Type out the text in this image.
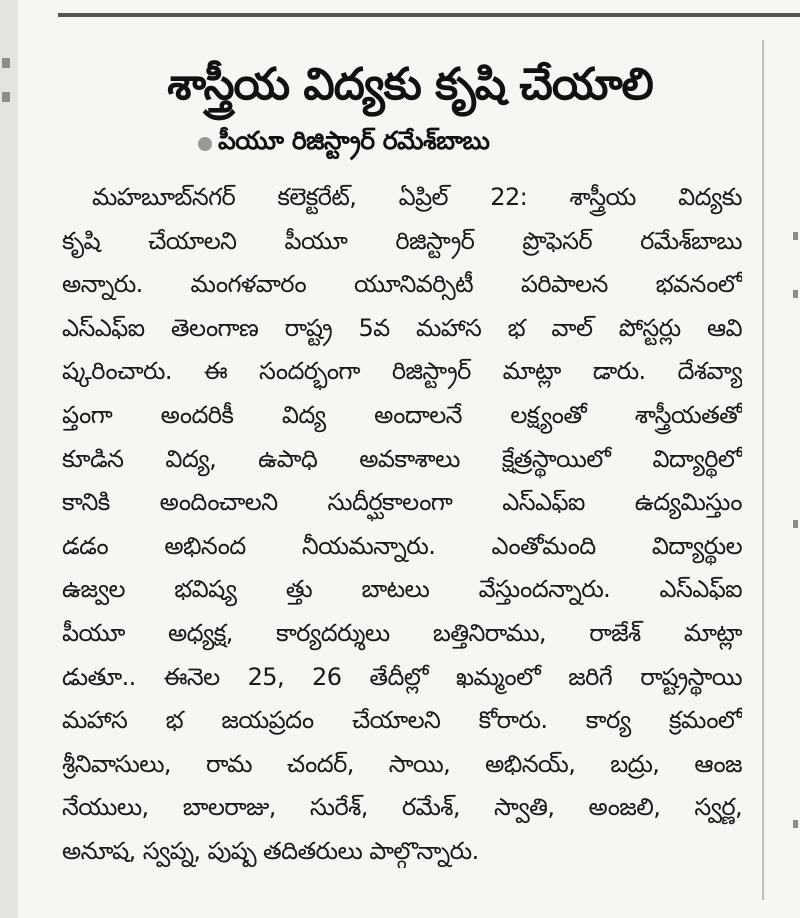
శాస్త్రీయ విద్యకు కృషి చేయాలి
పీయూ రిజిస్ట్రార్ రమేశ్‌బాబు
మహబూబ్‌నగర్ కలెక్టరేట్, ఏప్రిల్ 22: శాస్త్రీయ విద్యకు
కృషి చేయాలని పీయూ రిజిస్ట్రార్ ప్రొఫెసర్ రమేశ్‌బాబు
అన్నారు. మంగళవారం యూనివర్సిటీ పరిపాలన భవనంలో
ఎస్ఎఫ్ఐ తెలంగాణ రాష్ట్ర 5వ మహాస భ వాల్ పోస్టర్లు ఆవి
ష్కరించారు. ఈ సందర్భంగా రిజిస్ట్రార్ మాట్లా డారు. దేశవ్యా
ప్తంగా అందరికీ విద్య అందాలనే లక్ష్యంతో శాస్త్రీయతతో
కూడిన విద్య, ఉపాధి అవకాశాలు క్షేత్రస్థాయిలో విద్యార్థిలో
కానికి అందించాలని సుదీర్ఘకాలంగా ఎస్ఎఫ్ఐ ఉద్యమిస్తుం
డడం అభినంద నీయమన్నారు. ఎంతోమంది విద్యార్థుల
ఉజ్వల భవిష్య త్తు బాటలు వేస్తుందన్నారు. ఎస్ఎఫ్ఐ
పీయూ అధ్యక్ష, కార్యదర్శులు బత్తినిరాము, రాజేశ్ మాట్లా
డుతూ.. ఈనెల 25, 26 తేదీల్లో ఖమ్మంలో జరిగే రాష్ట్రస్థాయి
మహాస భ జయప్రదం చేయాలని కోరారు. కార్య క్రమంలో
శ్రీనివాసులు, రామ చందర్, సాయి, అభినయ్, బద్రు, ఆంజ
నేయులు, బాలరాజు, సురేశ్, రమేశ్, స్వాతి, అంజలి, స్వర్ణ,
అనూష, స్వప్న, పుష్ప తదితరులు పాల్గొన్నారు.
